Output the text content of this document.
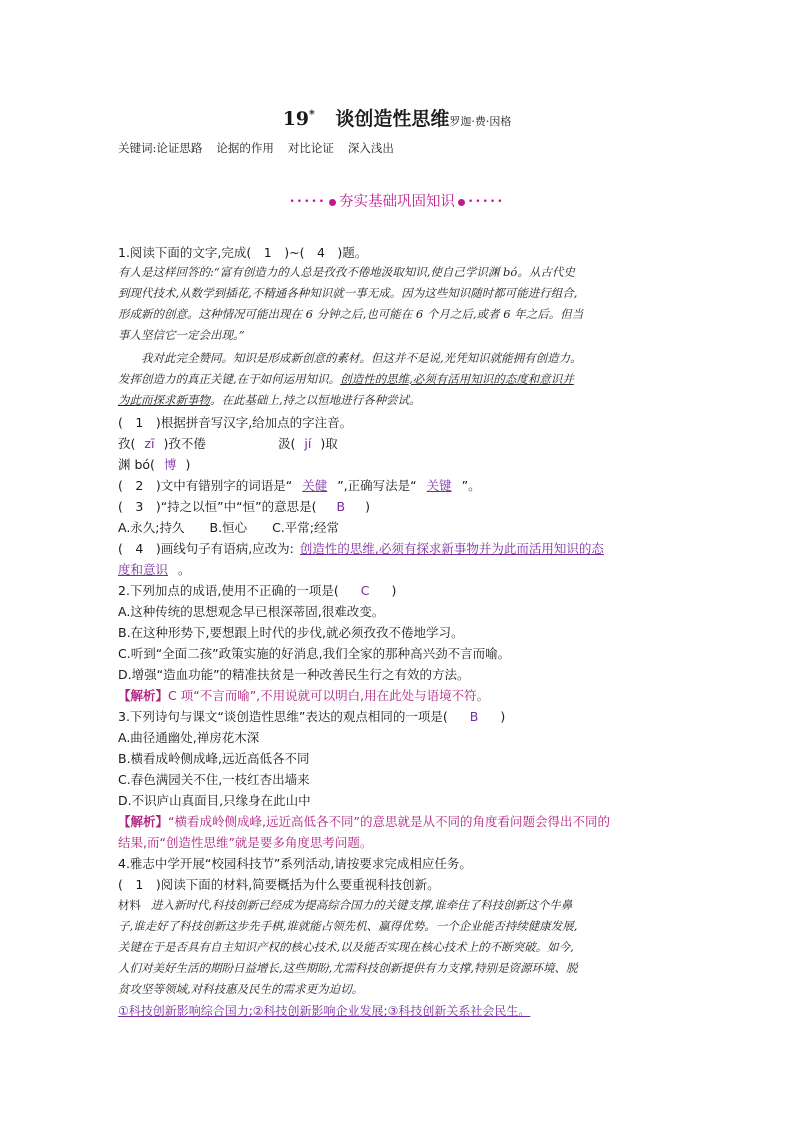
19* 谈创造性思维罗迦·费·因格
关键词:论证思路 论据的作用 对比论证 深入浅出
••••• 夯实基础巩固知识 •••••
1.阅读下面的文字,完成(　1　)~(　4　)题。
有人是这样回答的:“富有创造力的人总是孜孜不倦地汲取知识,使自己学识渊 bó。从古代史
到现代技术,从数学到插花,不精通各种知识就一事无成。因为这些知识随时都可能进行组合,
形成新的创意。这种情况可能出现在 6 分钟之后,也可能在 6 个月之后,或者 6 年之后。但当
事人坚信它一定会出现。”
　　我对此完全赞同。知识是形成新创意的素材。但这并不是说,光凭知识就能拥有创造力。
发挥创造力的真正关键,在于如何运用知识。创造性的思维,必须有活用知识的态度和意识并
为此而探求新事物。在此基础上,持之以恒地进行各种尝试。
(　1　)根据拼音写汉字,给加点的字注音。
孜( zī )孜不倦	汲( jí )取
渊 bó( 博 )
(　2　)文中有错别字的词语是“ 关健 ”,正确写法是“ 关键 ”。
(　3　)“持之以恒”中“恒”的意思是( B )
A.永久;持久　　B.恒心　　C.平常;经常
(　4　)画线句子有语病,应改为: 创造性的思维,必须有探求新事物并为此而活用知识的态
度和意识 。
2.下列加点的成语,使用不正确的一项是( C )
A.这种传统的思想观念早已根深蒂固,很难改变。
B.在这种形势下,要想跟上时代的步伐,就必须孜孜不倦地学习。
C.听到“全面二孩”政策实施的好消息,我们全家的那种高兴劲不言而喻。
D.增强“造血功能”的精准扶贫是一种改善民生行之有效的方法。
【解析】C 项“不言而喻”,不用说就可以明白,用在此处与语境不符。
3.下列诗句与课文“谈创造性思维”表达的观点相同的一项是( B )
A.曲径通幽处,禅房花木深
B.横看成岭侧成峰,远近高低各不同
C.春色满园关不住,一枝红杏出墙来
D.不识庐山真面目,只缘身在此山中
【解析】“横看成岭侧成峰,远近高低各不同”的意思就是从不同的角度看问题会得出不同的
结果,而“创造性思维”就是要多角度思考问题。
4.雅志中学开展“校园科技节”系列活动,请按要求完成相应任务。
(　1　)阅读下面的材料,简要概括为什么要重视科技创新。
材料 进入新时代,科技创新已经成为提高综合国力的关键支撑,谁牵住了科技创新这个牛鼻
子,谁走好了科技创新这步先手棋,谁就能占领先机、赢得优势。一个企业能否持续健康发展,
关键在于是否具有自主知识产权的核心技术,以及能否实现在核心技术上的不断突破。如今,
人们对美好生活的期盼日益增长,这些期盼,尤需科技创新提供有力支撑,特别是资源环境、脱
贫攻坚等领域,对科技惠及民生的需求更为迫切。
①科技创新影响综合国力;②科技创新影响企业发展;③科技创新关系社会民生。
